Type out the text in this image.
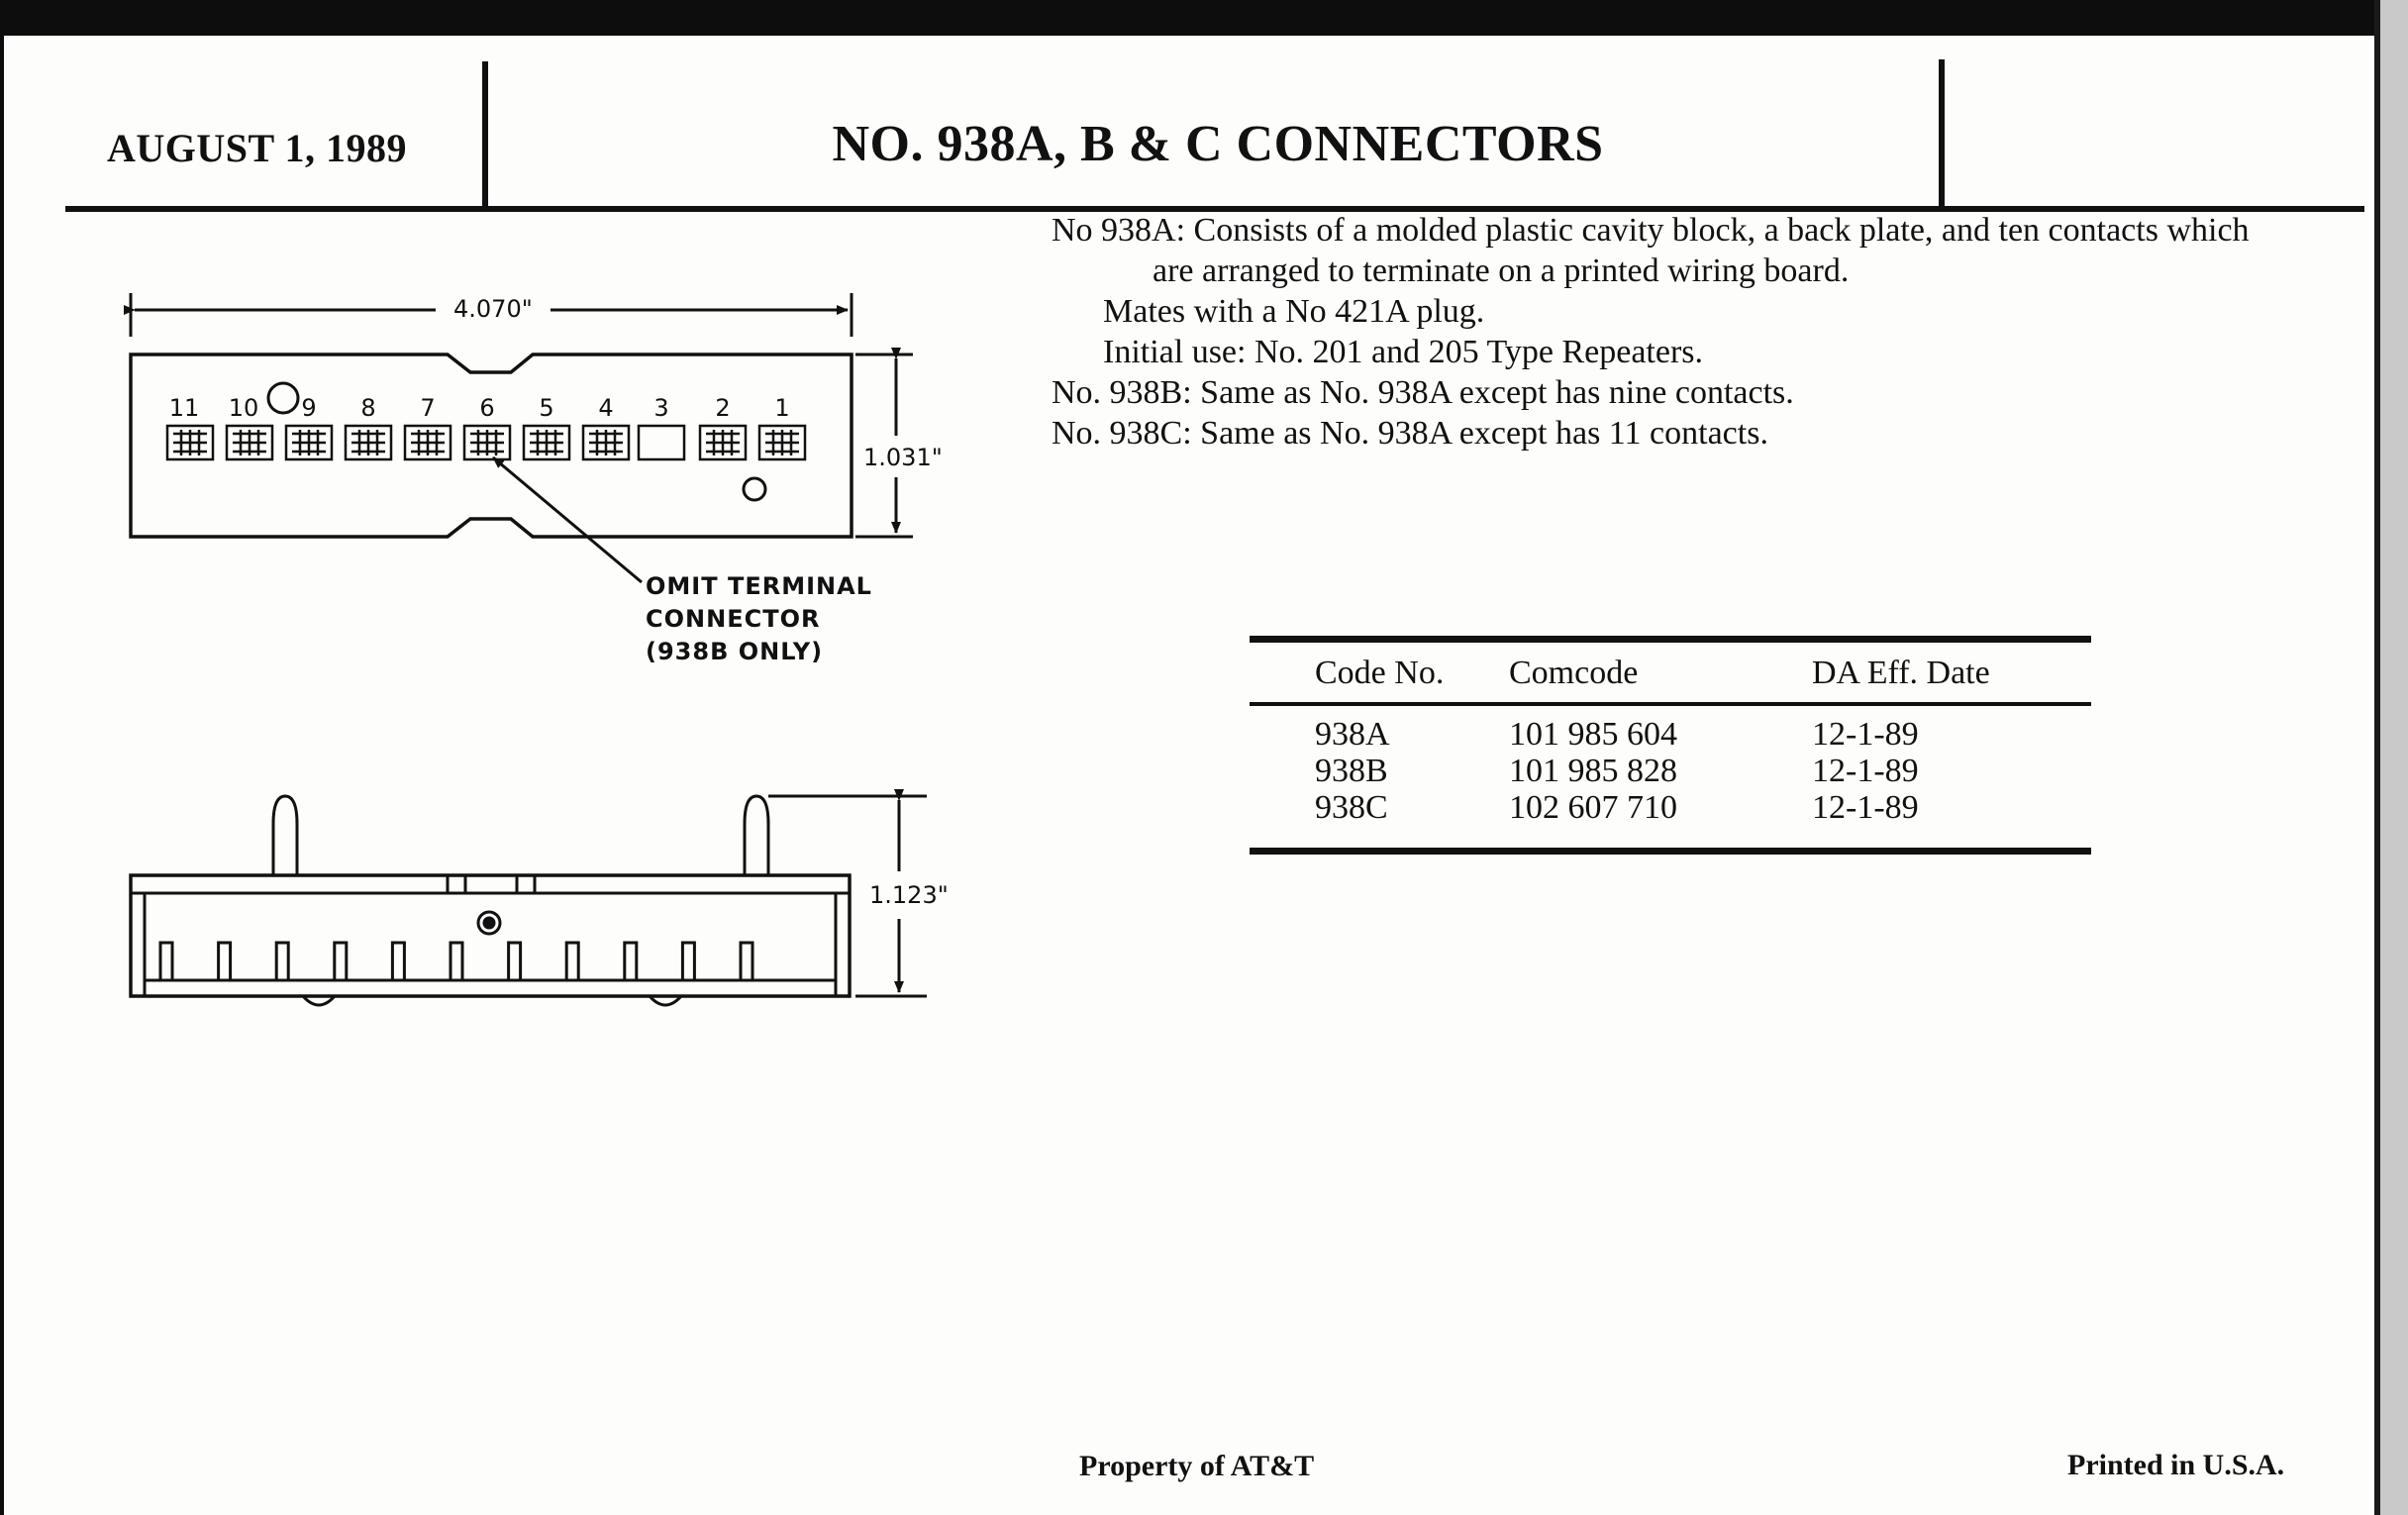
AUGUST 1, 1989	NO. 938A, B & C CONNECTORS

No 938A: Consists of a molded plastic cavity block, a back plate, and ten contacts which

are arranged to terminate on a printed wiring board.

Mates with a No 421A plug.

Initial use: No. 201 and 205 Type Repeaters.

No. 938B: Same as No. 938A except has nine contacts.

No. 938C: Same as No. 938A except has 11 contacts.

11 10 9 8 7 6 5 4 3 2 1
4.070"
1.031"
1.123"
OMIT TERMINAL
CONNECTOR
(938B ONLY)
Code No.	Comcode	DA Eff. Date
938A	101 985 604	12-1-89
938B	101 985 828	12-1-89
938C	102 607 710	12-1-89
Property of AT&T	Printed in U.S.A.
